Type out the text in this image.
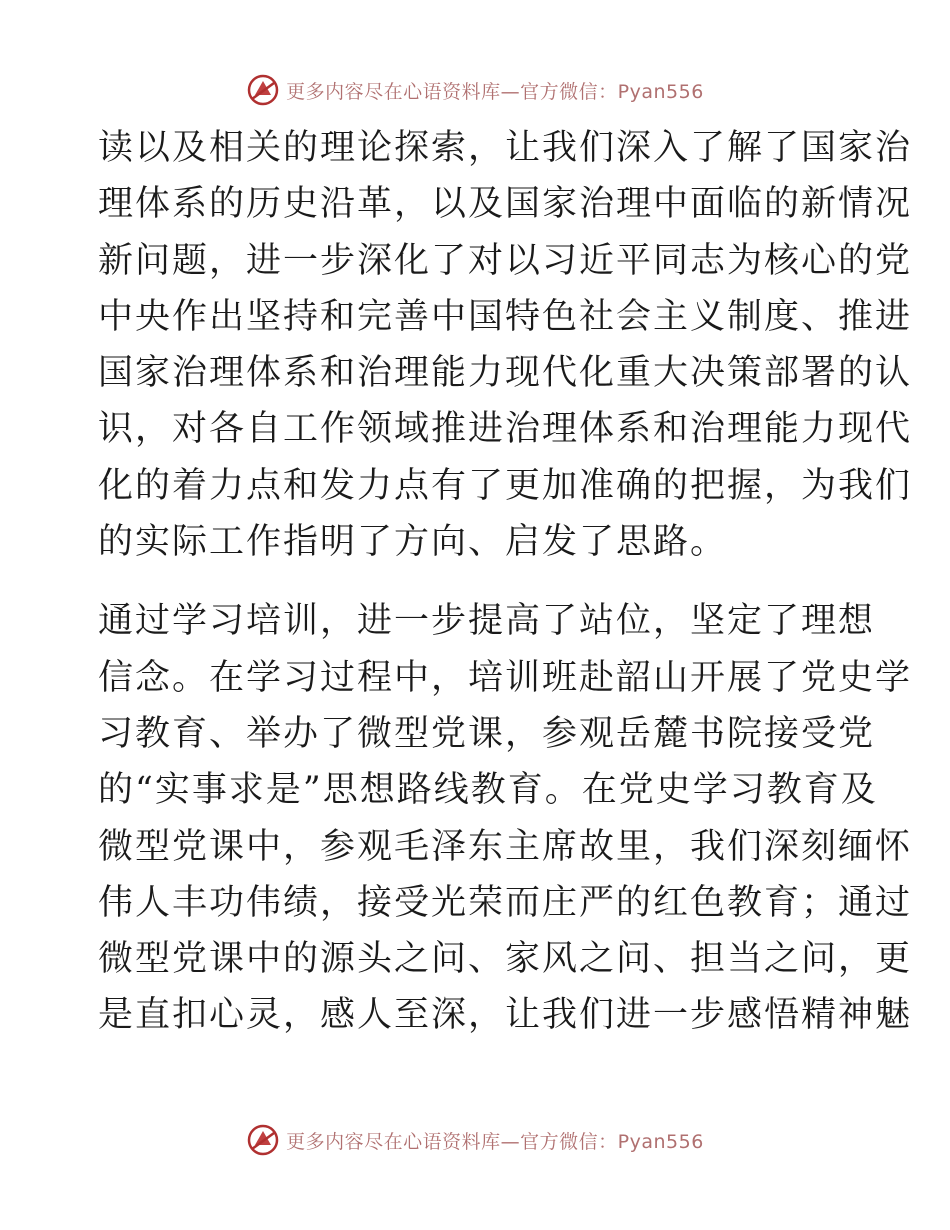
更多内容尽在心语资料库—官方微信：Pyan556
读以及相关的理论探索，让我们深入了解了国家治
理体系的历史沿革，以及国家治理中面临的新情况
新问题，进一步深化了对以习近平同志为核心的党
中央作出坚持和完善中国特色社会主义制度、推进
国家治理体系和治理能力现代化重大决策部署的认
识，对各自工作领域推进治理体系和治理能力现代
化的着力点和发力点有了更加准确的把握，为我们
的实际工作指明了方向、启发了思路。
通过学习培训，进一步提高了站位，坚定了理想
信念。在学习过程中，培训班赴韶山开展了党史学
习教育、举办了微型党课，参观岳麓书院接受党
的“实事求是”思想路线教育。在党史学习教育及
微型党课中，参观毛泽东主席故里，我们深刻缅怀
伟人丰功伟绩，接受光荣而庄严的红色教育；通过
微型党课中的源头之问、家风之问、担当之问，更
是直扣心灵，感人至深，让我们进一步感悟精神魅
更多内容尽在心语资料库—官方微信：Pyan556
